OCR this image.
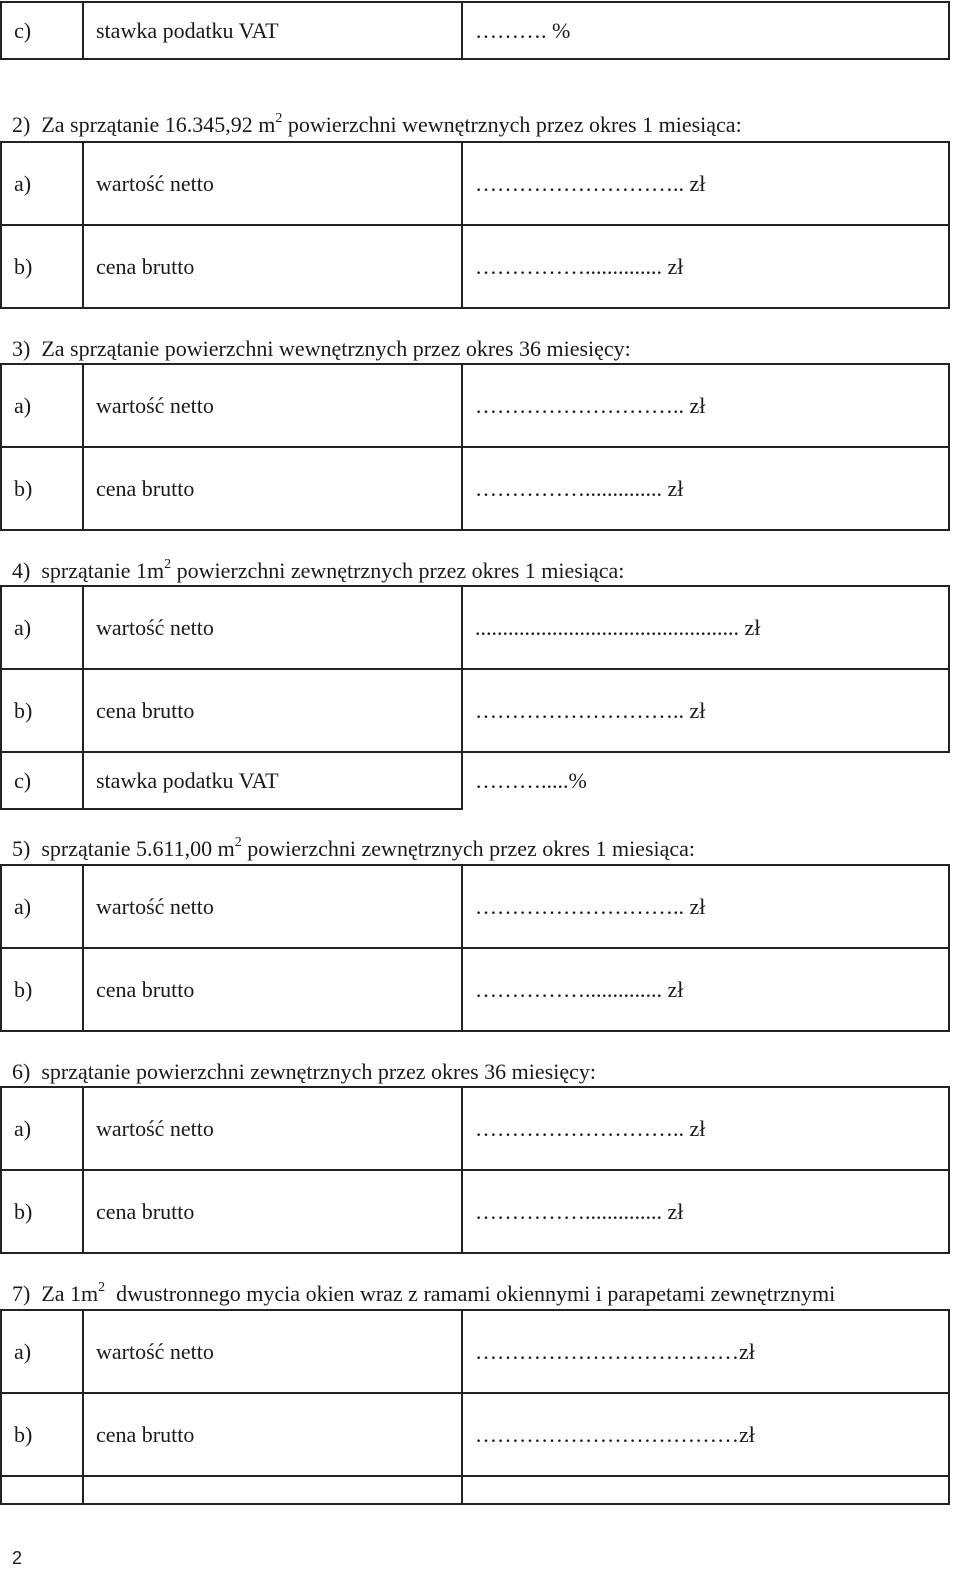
c)	stawka podatku VAT	………. %
2) Za sprzątanie 16.345,92 $m^2$ powierzchni wewnętrznych przez okres 1 miesiąca:
a)	wartość netto	……………………….. zł
b)	cena brutto	…………….............. zł
3) Za sprzątanie powierzchni wewnętrznych przez okres 36 miesięcy:
a)	wartość netto	……………………….. zł
b)	cena brutto	…………….............. zł
4) sprzątanie $1m^2$ powierzchni zewnętrznych przez okres 1 miesiąca:
a)	wartość netto	................................................ zł
b)	cena brutto	……………………….. zł
c)	stawka podatku VAT	……….....%
5) sprzątanie 5.611,00 $m^2$ powierzchni zewnętrznych przez okres 1 miesiąca:
a)	wartość netto	……………………….. zł
b)	cena brutto	…………….............. zł
6) sprzątanie powierzchni zewnętrznych przez okres 36 miesięcy:
a)	wartość netto	……………………….. zł
b)	cena brutto	…………….............. zł
7) Za $1m^2$  dwustronnego mycia okien wraz z ramami okiennymi i parapetami zewnętrznymi
a)	wartość netto	………………………………zł
b)	cena brutto	………………………………zł

2
